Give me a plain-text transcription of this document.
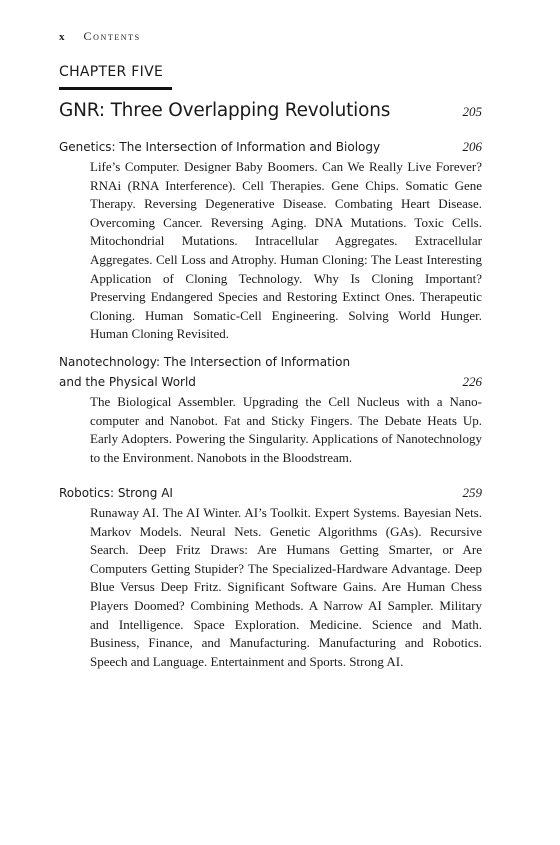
x Contents
CHAPTER FIVE
GNR: Three Overlapping Revolutions	205
Genetics: The Intersection of Information and Biology	206
Life’s Computer. Designer Baby Boomers. Can We Really Live Forever? RNAi (RNA Interference). Cell Therapies. Gene Chips. Somatic Gene Therapy. Reversing Degenerative Disease. Combating Heart Disease. Overcoming Cancer. Reversing Aging. DNA Mutations. Toxic Cells. Mitochondrial Mutations. Intracellular Aggregates. Extracellular Aggregates. Cell Loss and Atrophy. Human Cloning: The Least Interesting Application of Cloning Technology. Why Is Cloning Important? Preserving Endangered Species and Restoring Extinct Ones. Therapeutic Cloning. Human Somatic-Cell Engineering. Solving World Hunger. Human Cloning Revisited.
Nanotechnology: The Intersection of Information
and the Physical World	226
The Biological Assembler. Upgrading the Cell Nucleus with a Nano-computer and Nanobot. Fat and Sticky Fingers. The Debate Heats Up. Early Adopters. Powering the Singularity. Applications of Nanotechnology to the Environment. Nanobots in the Bloodstream.
Robotics: Strong AI	259
Runaway AI. The AI Winter. AI’s Toolkit. Expert Systems. Bayesian Nets. Markov Models. Neural Nets. Genetic Algorithms (GAs). Recursive Search. Deep Fritz Draws: Are Humans Getting Smarter, or Are Computers Getting Stupider? The Specialized-Hardware Advantage. Deep Blue Versus Deep Fritz. Significant Software Gains. Are Human Chess Players Doomed? Combining Methods. A Narrow AI Sampler. Military and Intelligence. Space Exploration. Medicine. Science and Math. Business, Finance, and Manufacturing. Manufacturing and Robotics. Speech and Language. Entertainment and Sports. Strong AI.
